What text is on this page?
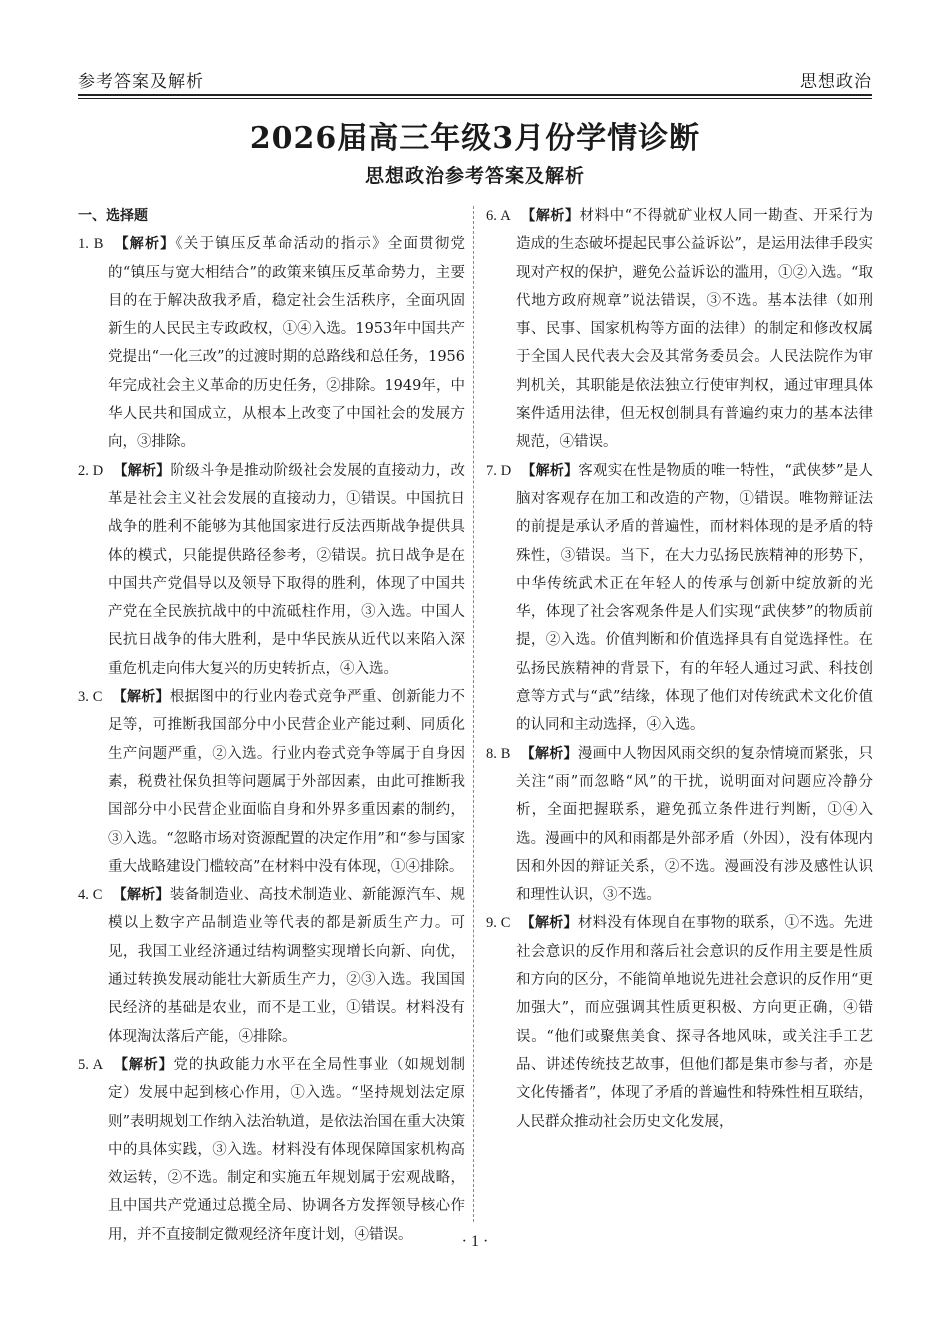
参考答案及解析	思想政治
2026届高三年级3月份学情诊断
思想政治参考答案及解析
一、选择题
1. B 【解析】《关于镇压反革命活动的指示》全面贯彻党的“镇压与宽大相结合”的政策来镇压反革命势力，主要目的在于解决敌我矛盾，稳定社会生活秩序，全面巩固新生的人民民主专政政权，①④入选。1953年中国共产党提出“一化三改”的过渡时期的总路线和总任务，1956年完成社会主义革命的历史任务，②排除。1949年，中华人民共和国成立，从根本上改变了中国社会的发展方向，③排除。
2. D 【解析】阶级斗争是推动阶级社会发展的直接动力，改革是社会主义社会发展的直接动力，①错误。中国抗日战争的胜利不能够为其他国家进行反法西斯战争提供具体的模式，只能提供路径参考，②错误。抗日战争是在中国共产党倡导以及领导下取得的胜利，体现了中国共产党在全民族抗战中的中流砥柱作用，③入选。中国人民抗日战争的伟大胜利，是中华民族从近代以来陷入深重危机走向伟大复兴的历史转折点，④入选。
3. C 【解析】根据图中的行业内卷式竞争严重、创新能力不足等，可推断我国部分中小民营企业产能过剩、同质化生产问题严重，②入选。行业内卷式竞争等属于自身因素，税费社保负担等问题属于外部因素，由此可推断我国部分中小民营企业面临自身和外界多重因素的制约，③入选。“忽略市场对资源配置的决定作用”和“参与国家重大战略建设门槛较高”在材料中没有体现，①④排除。
4. C 【解析】装备制造业、高技术制造业、新能源汽车、规模以上数字产品制造业等代表的都是新质生产力。可见，我国工业经济通过结构调整实现增长向新、向优，通过转换发展动能壮大新质生产力，②③入选。我国国民经济的基础是农业，而不是工业，①错误。材料没有体现淘汰落后产能，④排除。
5. A 【解析】党的执政能力水平在全局性事业（如规划制定）发展中起到核心作用，①入选。“坚持规划法定原则”表明规划工作纳入法治轨道，是依法治国在重大决策中的具体实践，③入选。材料没有体现保障国家机构高效运转，②不选。制定和实施五年规划属于宏观战略，且中国共产党通过总揽全局、协调各方发挥领导核心作用，并不直接制定微观经济年度计划，④错误。
6. A 【解析】材料中“不得就矿业权人同一勘查、开采行为造成的生态破坏提起民事公益诉讼”，是运用法律手段实现对产权的保护，避免公益诉讼的滥用，①②入选。“取代地方政府规章”说法错误，③不选。基本法律（如刑事、民事、国家机构等方面的法律）的制定和修改权属于全国人民代表大会及其常务委员会。人民法院作为审判机关，其职能是依法独立行使审判权，通过审理具体案件适用法律，但无权创制具有普遍约束力的基本法律规范，④错误。
7. D 【解析】客观实在性是物质的唯一特性，“武侠梦”是人脑对客观存在加工和改造的产物，①错误。唯物辩证法的前提是承认矛盾的普遍性，而材料体现的是矛盾的特殊性，③错误。当下，在大力弘扬民族精神的形势下，中华传统武术正在年轻人的传承与创新中绽放新的光华，体现了社会客观条件是人们实现“武侠梦”的物质前提，②入选。价值判断和价值选择具有自觉选择性。在弘扬民族精神的背景下，有的年轻人通过习武、科技创意等方式与“武”结缘，体现了他们对传统武术文化价值的认同和主动选择，④入选。
8. B 【解析】漫画中人物因风雨交织的复杂情境而紧张，只关注“雨”而忽略“风”的干扰，说明面对问题应冷静分析，全面把握联系，避免孤立条件进行判断，①④入选。漫画中的风和雨都是外部矛盾（外因），没有体现内因和外因的辩证关系，②不选。漫画没有涉及感性认识和理性认识，③不选。
9. C 【解析】材料没有体现自在事物的联系，①不选。先进社会意识的反作用和落后社会意识的反作用主要是性质和方向的区分，不能简单地说先进社会意识的反作用“更加强大”，而应强调其性质更积极、方向更正确，④错误。“他们或聚焦美食、探寻各地风味，或关注手工艺品、讲述传统技艺故事，但他们都是集市参与者，亦是文化传播者”，体现了矛盾的普遍性和特殊性相互联结，人民群众推动社会历史文化发展，
· 1 ·
